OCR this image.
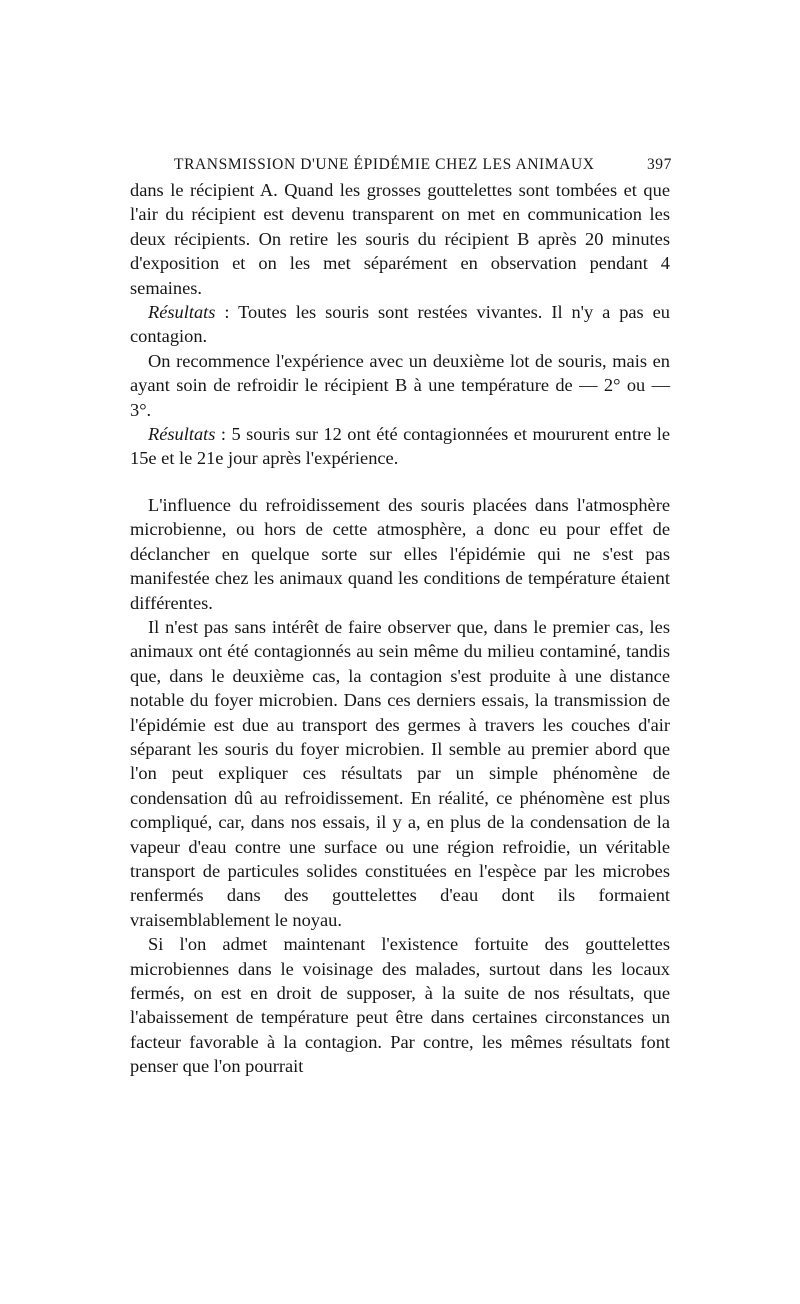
TRANSMISSION D'UNE ÉPIDÉMIE CHEZ LES ANIMAUX	397

dans le récipient A. Quand les grosses gouttelettes sont tombées et que l'air du récipient est devenu transparent on met en communication les deux récipients. On retire les souris du récipient B après 20 minutes d'exposition et on les met séparément en observation pendant 4 semaines.

Résultats : Toutes les souris sont restées vivantes. Il n'y a pas eu contagion.

On recommence l'expérience avec un deuxième lot de souris, mais en ayant soin de refroidir le récipient B à une température de — 2° ou — 3°.

Résultats : 5 souris sur 12 ont été contagionnées et moururent entre le 15e et le 21e jour après l'expérience.

L'influence du refroidissement des souris placées dans l'atmosphère microbienne, ou hors de cette atmosphère, a donc eu pour effet de déclancher en quelque sorte sur elles l'épidémie qui ne s'est pas manifestée chez les animaux quand les conditions de température étaient différentes.

Il n'est pas sans intérêt de faire observer que, dans le premier cas, les animaux ont été contagionnés au sein même du milieu contaminé, tandis que, dans le deuxième cas, la contagion s'est produite à une distance notable du foyer microbien. Dans ces derniers essais, la transmission de l'épidémie est due au transport des germes à travers les couches d'air séparant les souris du foyer microbien. Il semble au premier abord que l'on peut expliquer ces résultats par un simple phénomène de condensation dû au refroidissement. En réalité, ce phénomène est plus compliqué, car, dans nos essais, il y a, en plus de la condensation de la vapeur d'eau contre une surface ou une région refroidie, un véritable transport de particules solides constituées en l'espèce par les microbes renfermés dans des gouttelettes d'eau dont ils formaient vraisemblablement le noyau.

Si l'on admet maintenant l'existence fortuite des gouttelettes microbiennes dans le voisinage des malades, surtout dans les locaux fermés, on est en droit de supposer, à la suite de nos résultats, que l'abaissement de température peut être dans certaines circonstances un facteur favorable à la contagion. Par contre, les mêmes résultats font penser que l'on pourrait
